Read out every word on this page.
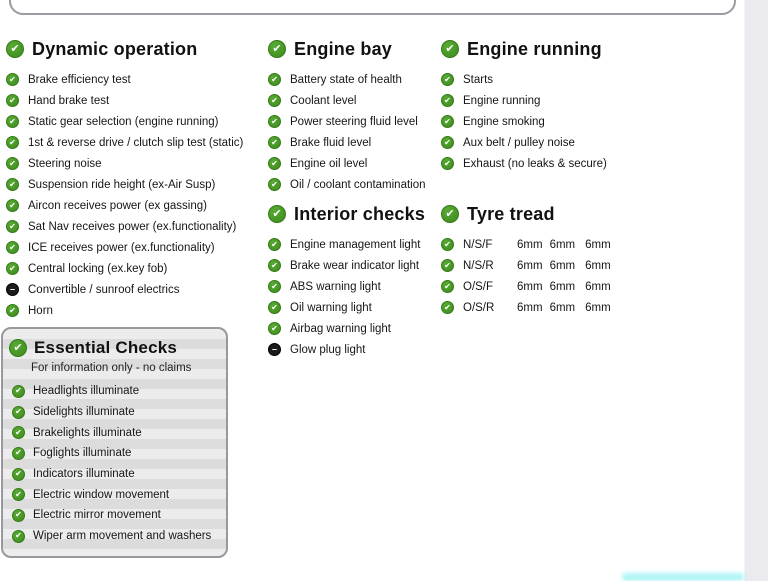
✔
Dynamic operation
✔
Brake efficiency test
✔
Hand brake test
✔
Static gear selection (engine running)
✔
1st & reverse drive / clutch slip test (static)
✔
Steering noise
✔
Suspension ride height (ex-Air Susp)
✔
Aircon receives power (ex gassing)
✔
Sat Nav receives power (ex.functionality)
✔
ICE receives power (ex.functionality)
✔
Central locking (ex.key fob)
–
Convertible / sunroof electrics
✔
Horn
✔
Engine bay
✔
Battery state of health
✔
Coolant level
✔
Power steering fluid level
✔
Brake fluid level
✔
Engine oil level
✔
Oil / coolant contamination
✔
Interior checks
✔
Engine management light
✔
Brake wear indicator light
✔
ABS warning light
✔
Oil warning light
✔
Airbag warning light
–
Glow plug light
✔
Engine running
✔
Starts
✔
Engine running
✔
Engine smoking
✔
Aux belt / pulley noise
✔
Exhaust (no leaks & secure)
✔
Tyre tread
✔
N/S/F	6mm 6mm 6mm
✔
N/S/R	6mm 6mm 6mm
✔
O/S/F	6mm 6mm 6mm
✔
O/S/R	6mm 6mm 6mm
✔
Essential Checks
For information only - no claims
✔
Headlights illuminate
✔
Sidelights illuminate
✔
Brakelights illuminate
✔
Foglights illuminate
✔
Indicators illuminate
✔
Electric window movement
✔
Electric mirror movement
✔
Wiper arm movement and washers
